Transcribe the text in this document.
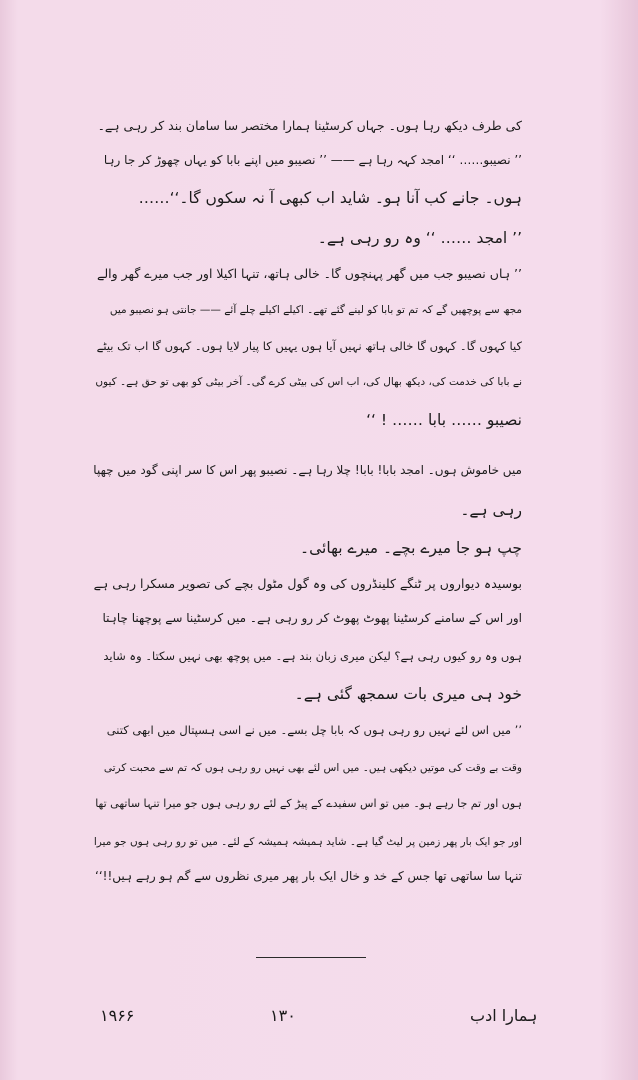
کی طرف دیکھ رہا ہوں۔ جہاں کرسٹینا ہمارا مختصر سا سامان بند کر رہی ہے۔
’’ نصیبو…… ‘‘ امجد کہہ رہا ہے —— ’’ نصیبو میں اپنے بابا کو یہاں چھوڑ کر جا رہا
ہوں۔ جانے کب آنا ہو۔ شاید اب کبھی آ نہ سکوں گا۔‘‘……
’’ امجد …… ‘‘ وہ رو رہی ہے۔
’’ ہاں نصیبو جب میں گھر پہنچوں گا۔ خالی ہاتھ، تنہا اکیلا اور جب میرے گھر والے
مجھ سے پوچھیں گے کہ تم تو بابا کو لینے گئے تھے۔ اکیلے اکیلے چلے آئے —— جانتی ہو نصیبو میں
کیا کہوں گا۔ کہوں گا خالی ہاتھ نہیں آیا ہوں یہیں کا پیار لایا ہوں۔ کہوں گا اب تک بیٹے
نے بابا کی خدمت کی، دیکھ بھال کی، اب اس کی بیٹی کرے گی۔ آخر بیٹی کو بھی تو حق ہے۔ کیوں
نصیبو …… بابا …… ! ‘‘
میں خاموش ہوں۔ امجد بابا! بابا! چلا رہا ہے۔ نصیبو پھر اس کا سر اپنی گود میں چھپا
رہی ہے۔
چپ ہو جا میرے بچے۔ میرے بھائی۔
بوسیدہ دیواروں پر ٹنگے کلینڈروں کی وہ گول مٹول بچے کی تصویر مسکرا رہی ہے
اور اس کے سامنے کرسٹینا پھوٹ پھوٹ کر رو رہی ہے۔ میں کرسٹینا سے پوچھنا چاہتا
ہوں وہ رو کیوں رہی ہے؟ لیکن میری زبان بند ہے۔ میں پوچھ بھی نہیں سکتا۔ وہ شاید
خود ہی میری بات سمجھ گئی ہے۔
’’ میں اس لئے نہیں رو رہی ہوں کہ بابا چل بسے۔ میں نے اسی ہسپتال میں ابھی کتنی
وقت بے وقت کی موتیں دیکھی ہیں۔ میں اس لئے بھی نہیں رو رہی ہوں کہ تم سے محبت کرتی
ہوں اور تم جا رہے ہو۔ میں تو اس سفیدے کے پیڑ کے لئے رو رہی ہوں جو میرا تنہا ساتھی تھا
اور جو ایک بار پھر زمین پر لیٹ گیا ہے۔ شاید ہمیشہ ہمیشہ کے لئے۔ میں تو رو رہی ہوں جو میرا
تنہا سا ساتھی تھا جس کے خد و خال ایک بار پھر میری نظروں سے گم ہو رہے ہیں!!‘‘
۱۹۶۶	۱۳۰	ہمارا ادب
